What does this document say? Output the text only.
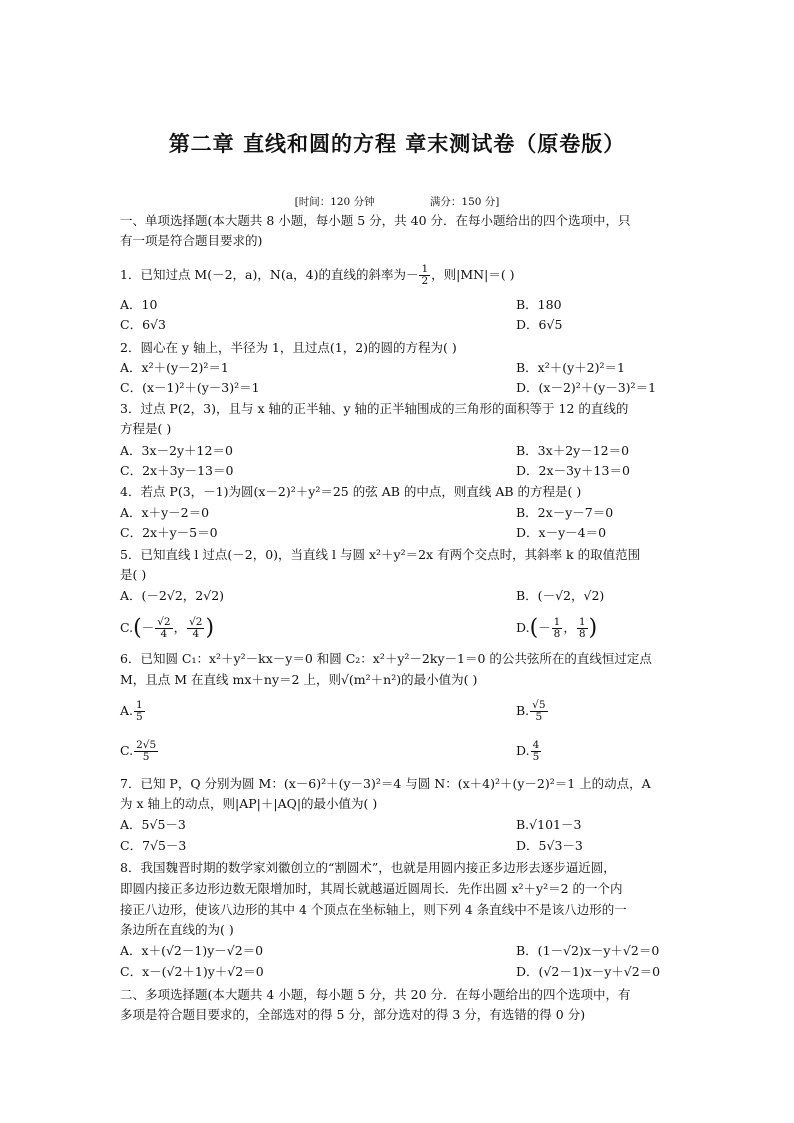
第二章 直线和圆的方程 章末测试卷（原卷版）
[时间：120 分钟	满分：150 分]
一、单项选择题(本大题共 8 小题，每小题 5 分，共 40 分．在每小题给出的四个选项中，只
有一项是符合题目要求的)
1．已知过点 M(－2，a)，N(a，4)的直线的斜率为－ $\frac{1}{2}$ ，则|MN|＝( )
A．10	B．180
C．6√3	D．6√5
2．圆心在 y 轴上，半径为 1，且过点(1，2)的圆的方程为( )
A．x²＋(y－2)²＝1	B．x²＋(y＋2)²＝1
C．(x－1)²＋(y－3)²＝1	D．(x－2)²＋(y－3)²＝1
3．过点 P(2，3)，且与 x 轴的正半轴、y 轴的正半轴围成的三角形的面积等于 12 的直线的
方程是( )
A．3x－2y＋12＝0	B．3x＋2y－12＝0
C．2x＋3y－13＝0	D．2x－3y＋13＝0
4．若点 P(3，－1)为圆(x－2)²＋y²＝25 的弦 AB 的中点，则直线 AB 的方程是( )
A．x＋y－2＝0	B．2x－y－7＝0
C．2x＋y－5＝0	D．x－y－4＝0
5．已知直线 l 过点(－2，0)，当直线 l 与圆 x²＋y²＝2x 有两个交点时，其斜率 k 的取值范围
是( )
A．(－2√2，2√2)	B．(－√2，√2)
$C.(- \frac{√2}{4}$ ， $\frac{√2}{4}$ )	$D.(- \frac{1}{8}$ ， $\frac{1}{8}$ )
6．已知圆 C₁：x²＋y²－kx－y＝0 和圆 C₂：x²＋y²－2ky－1＝0 的公共弦所在的直线恒过定点
M，且点 M 在直线 mx＋ny＝2 上，则√(m²＋n²)的最小值为( )
A. $\frac{1}{5}$	B. $\frac{√5}{5}$
C. $\frac{2√5}{5}$	D. $\frac{4}{5}$
7．已知 P，Q 分别为圆 M：(x－6)²＋(y－3)²＝4 与圆 N：(x＋4)²＋(y－2)²＝1 上的动点，A
为 x 轴上的动点，则|AP|＋|AQ|的最小值为( )
A．5√5－3	B.√101－3
C．7√5－3	D．5√3－3
8．我国魏晋时期的数学家刘徽创立的“割圆术”，也就是用圆内接正多边形去逐步逼近圆，
即圆内接正多边形边数无限增加时，其周长就越逼近圆周长．先作出圆 x²＋y²＝2 的一个内
接正八边形，使该八边形的其中 4 个顶点在坐标轴上，则下列 4 条直线中不是该八边形的一
条边所在直线的为( )
A．x＋(√2－1)y－√2＝0	B．(1－√2)x－y＋√2＝0
C．x－(√2＋1)y＋√2＝0	D．(√2－1)x－y＋√2＝0
二、多项选择题(本大题共 4 小题，每小题 5 分，共 20 分．在每小题给出的四个选项中，有
多项是符合题目要求的，全部选对的得 5 分，部分选对的得 3 分，有选错的得 0 分)
